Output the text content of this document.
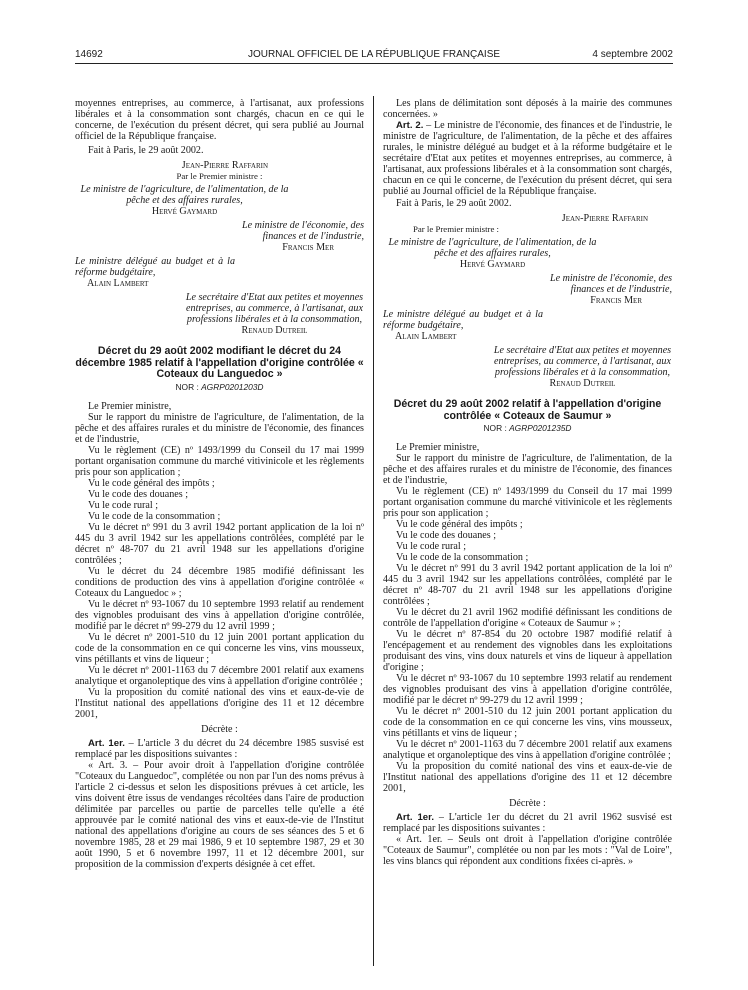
14692	JOURNAL OFFICIEL DE LA RÉPUBLIQUE FRANÇAISE	4 septembre 2002

moyennes entreprises, au commerce, à l'artisanat, aux professions libérales et à la consommation sont chargés, chacun en ce qui le concerne, de l'exécution du présent décret, qui sera publié au Journal officiel de la République française.

Fait à Paris, le 29 août 2002.

Jean-Pierre Raffarin
Par le Premier ministre :
Le ministre de l'agriculture, de l'alimentation, de la pêche et des affaires rurales,
Hervé Gaymard
Le ministre de l'économie, des finances et de l'industrie,
Francis Mer
Le ministre délégué au budget et à la réforme budgétaire,
Alain Lambert
Le secrétaire d'Etat aux petites et moyennes entreprises, au commerce, à l'artisanat, aux professions libérales et à la consommation,
Renaud Dutreil
Décret du 29 août 2002 modifiant le décret du 24 décembre 1985 relatif à l'appellation d'origine contrôlée « Coteaux du Languedoc »
NOR : AGRP0201203D

Le Premier ministre,

Sur le rapport du ministre de l'agriculture, de l'alimentation, de la pêche et des affaires rurales et du ministre de l'économie, des finances et de l'industrie,

Vu le règlement (CE) nº 1493/1999 du Conseil du 17 mai 1999 portant organisation commune du marché vitivinicole et les règlements pris pour son application ;

Vu le code général des impôts ;

Vu le code des douanes ;

Vu le code rural ;

Vu le code de la consommation ;

Vu le décret nº 991 du 3 avril 1942 portant application de la loi nº 445 du 3 avril 1942 sur les appellations contrôlées, complété par le décret nº 48-707 du 21 avril 1948 sur les appellations d'origine contrôlées ;

Vu le décret du 24 décembre 1985 modifié définissant les conditions de production des vins à appellation d'origine contrôlée « Coteaux du Languedoc » ;

Vu le décret nº 93-1067 du 10 septembre 1993 relatif au rendement des vignobles produisant des vins à appellation d'origine contrôlée, modifié par le décret nº 99-279 du 12 avril 1999 ;

Vu le décret nº 2001-510 du 12 juin 2001 portant application du code de la consommation en ce qui concerne les vins, vins mousseux, vins pétillants et vins de liqueur ;

Vu le décret nº 2001-1163 du 7 décembre 2001 relatif aux examens analytique et organoleptique des vins à appellation d'origine contrôlée ;

Vu la proposition du comité national des vins et eaux-de-vie de l'Institut national des appellations d'origine des 11 et 12 décembre 2001,

Décrète :

Art. 1er. – L'article 3 du décret du 24 décembre 1985 susvisé est remplacé par les dispositions suivantes :

« Art. 3. – Pour avoir droit à l'appellation d'origine contrôlée "Coteaux du Languedoc", complétée ou non par l'un des noms prévus à l'article 2 ci-dessus et selon les dispositions prévues à cet article, les vins doivent être issus de vendanges récoltées dans l'aire de production délimitée par parcelles ou partie de parcelles telle qu'elle a été approuvée par le comité national des vins et eaux-de-vie de l'Institut national des appellations d'origine au cours de ses séances des 5 et 6 novembre 1985, 28 et 29 mai 1986, 9 et 10 septembre 1987, 29 et 30 août 1990, 5 et 6 novembre 1997, 11 et 12 décembre 2001, sur proposition de la commission d'experts désignée à cet effet.

Les plans de délimitation sont déposés à la mairie des communes concernées. »

Art. 2. – Le ministre de l'économie, des finances et de l'industrie, le ministre de l'agriculture, de l'alimentation, de la pêche et des affaires rurales, le ministre délégué au budget et à la réforme budgétaire et le secrétaire d'Etat aux petites et moyennes entreprises, au commerce, à l'artisanat, aux professions libérales et à la consommation sont chargés, chacun en ce qui le concerne, de l'exécution du présent décret, qui sera publié au Journal officiel de la République française.

Fait à Paris, le 29 août 2002.

Jean-Pierre Raffarin
Par le Premier ministre :
Le ministre de l'agriculture, de l'alimentation, de la pêche et des affaires rurales,
Hervé Gaymard
Le ministre de l'économie, des finances et de l'industrie,
Francis Mer
Le ministre délégué au budget et à la réforme budgétaire,
Alain Lambert
Le secrétaire d'Etat aux petites et moyennes entreprises, au commerce, à l'artisanat, aux professions libérales et à la consommation,
Renaud Dutreil
Décret du 29 août 2002 relatif à l'appellation d'origine contrôlée « Coteaux de Saumur »
NOR : AGRP0201235D

Le Premier ministre,

Sur le rapport du ministre de l'agriculture, de l'alimentation, de la pêche et des affaires rurales et du ministre de l'économie, des finances et de l'industrie,

Vu le règlement (CE) nº 1493/1999 du Conseil du 17 mai 1999 portant organisation commune du marché vitivinicole et les règlements pris pour son application ;

Vu le code général des impôts ;

Vu le code des douanes ;

Vu le code rural ;

Vu le code de la consommation ;

Vu le décret nº 991 du 3 avril 1942 portant application de la loi nº 445 du 3 avril 1942 sur les appellations contrôlées, complété par le décret nº 48-707 du 21 avril 1948 sur les appellations d'origine contrôlées ;

Vu le décret du 21 avril 1962 modifié définissant les conditions de contrôle de l'appellation d'origine « Coteaux de Saumur » ;

Vu le décret nº 87-854 du 20 octobre 1987 modifié relatif à l'encépagement et au rendement des vignobles dans les exploitations produisant des vins, vins doux naturels et vins de liqueur à appellation d'origine ;

Vu le décret nº 93-1067 du 10 septembre 1993 relatif au rendement des vignobles produisant des vins à appellation d'origine contrôlée, modifié par le décret nº 99-279 du 12 avril 1999 ;

Vu le décret nº 2001-510 du 12 juin 2001 portant application du code de la consommation en ce qui concerne les vins, vins mousseux, vins pétillants et vins de liqueur ;

Vu le décret nº 2001-1163 du 7 décembre 2001 relatif aux examens analytique et organoleptique des vins à appellation d'origine contrôlée ;

Vu la proposition du comité national des vins et eaux-de-vie de l'Institut national des appellations d'origine des 11 et 12 décembre 2001,

Décrète :

Art. 1er. – L'article 1er du décret du 21 avril 1962 susvisé est remplacé par les dispositions suivantes :

« Art. 1er. – Seuls ont droit à l'appellation d'origine contrôlée "Coteaux de Saumur", complétée ou non par les mots : "Val de Loire", les vins blancs qui répondent aux conditions fixées ci-après. »
